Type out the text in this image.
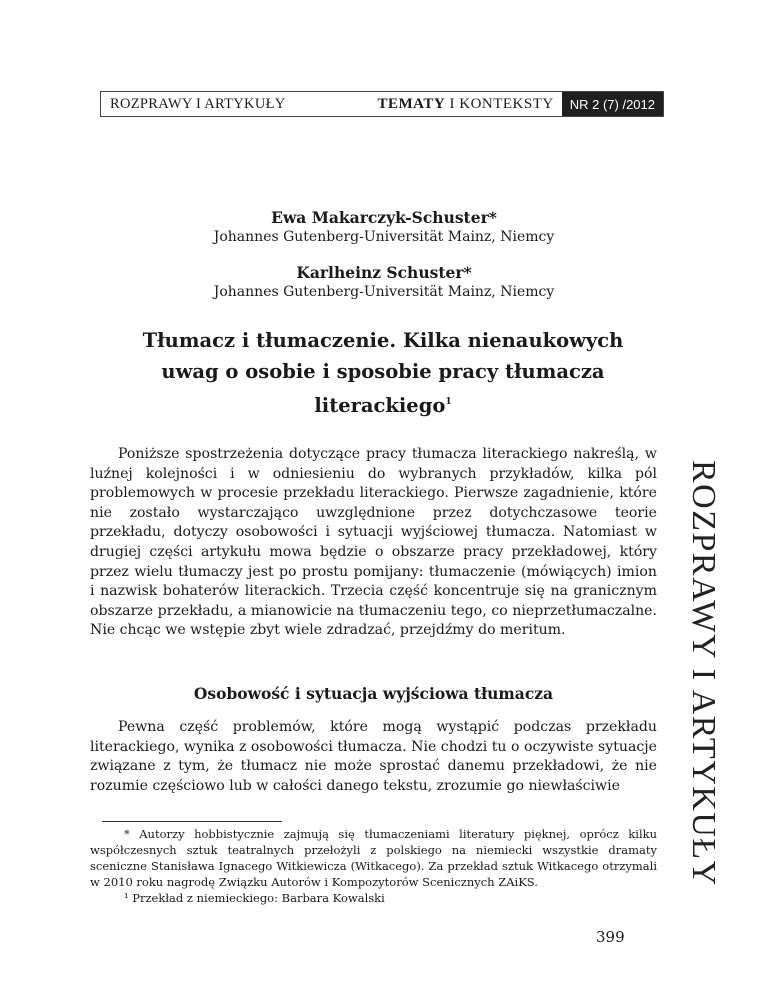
ROZPRAWY I ARTYKUŁY	TEMATY I KONTEKSTY	NR 2 (7) /2012
Ewa Makarczyk-Schuster*
Johannes Gutenberg-Universität Mainz, Niemcy
Karlheinz Schuster*
Johannes Gutenberg-Universität Mainz, Niemcy
Tłumacz i tłumaczenie. Kilka nienaukowych
uwag o osobie i sposobie pracy tłumacza
literackiego$^1$

Poniższe spostrzeżenia dotyczące pracy tłumacza literackiego nakreślą, w luźnej kolejności i w odniesieniu do wybranych przykładów, kilka pól problemowych w procesie przekładu literackiego. Pierwsze zagadnienie, które nie zostało wystarczająco uwzględnione przez dotychczasowe teorie przekładu, dotyczy osobowości i sytuacji wyjściowej tłumacza. Natomiast w drugiej części artykułu mowa będzie o obszarze pracy przekładowej, który przez wielu tłumaczy jest po prostu pomijany: tłumaczenie (mówiących) imion i nazwisk bohaterów literackich. Trzecia część koncentruje się na granicznym obszarze przekładu, a mianowicie na tłumaczeniu tego, co nieprzetłumaczalne. Nie chcąc we wstępie zbyt wiele zdradzać, przejdźmy do meritum.

Osobowość i sytuacja wyjściowa tłumacza

Pewna część problemów, które mogą wystąpić podczas przekładu literackiego, wynika z osobowości tłumacza. Nie chodzi tu o oczywiste sytuacje związane z tym, że tłumacz nie może sprostać danemu przekładowi, że nie rozumie częściowo lub w całości danego tekstu, zrozumie go niewłaściwie

* Autorzy hobbistycznie zajmują się tłumaczeniami literatury pięknej, oprócz kilku współczesnych sztuk teatralnych przełożyli z polskiego na niemiecki wszystkie dramaty sceniczne Stanisława Ignacego Witkiewicza (Witkacego). Za przekład sztuk Witkacego otrzymali w 2010 roku nagrodę Związku Autorów i Kompozytorów Scenicznych ZAiKS.

¹ Przekład z niemieckiego: Barbara Kowalski

ROZPRAWY I ARTYKUŁY
399
